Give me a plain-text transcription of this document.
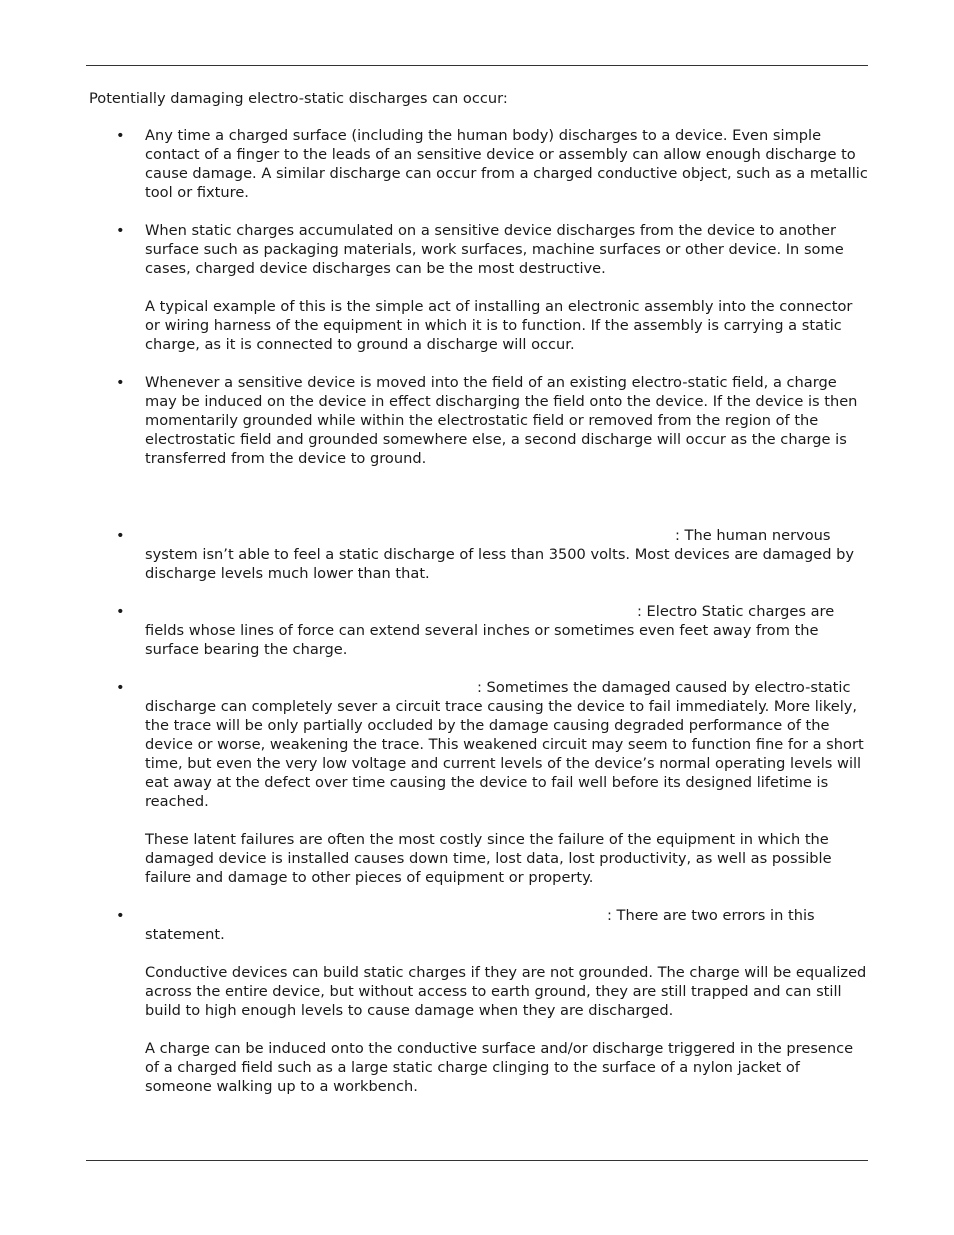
Potentially damaging electro-static discharges can occur:

• Any time a charged surface (including the human body) discharges to a device. Even simple contact of a finger to the leads of an sensitive device or assembly can allow enough discharge to cause damage. A similar discharge can occur from a charged conductive object, such as a metallic tool or fixture.

• When static charges accumulated on a sensitive device discharges from the device to another surface such as packaging materials, work surfaces, machine surfaces or other device. In some cases, charged device discharges can be the most destructive.

A typical example of this is the simple act of installing an electronic assembly into the connector or wiring harness of the equipment in which it is to function. If the assembly is carrying a static charge, as it is connected to ground a discharge will occur.

• Whenever a sensitive device is moved into the field of an existing electro-static field, a charge may be induced on the device in effect discharging the field onto the device. If the device is then momentarily grounded while within the electrostatic field or removed from the region of the electrostatic field and grounded somewhere else, a second discharge will occur as the charge is transferred from the device to ground.

•	: The human nervous system isn’t able to feel a static discharge of less than 3500 volts. Most devices are damaged by discharge levels much lower than that.

•	: Electro Static charges are fields whose lines of force can extend several inches or sometimes even feet away from the surface bearing the charge.

•	: Sometimes the damaged caused by electro-static discharge can completely sever a circuit trace causing the device to fail immediately. More likely, the trace will be only partially occluded by the damage causing degraded performance of the device or worse, weakening the trace. This weakened circuit may seem to function fine for a short time, but even the very low voltage and current levels of the device’s normal operating levels will eat away at the defect over time causing the device to fail well before its designed lifetime is reached.

These latent failures are often the most costly since the failure of the equipment in which the damaged device is installed causes down time, lost data, lost productivity, as well as possible failure and damage to other pieces of equipment or property.

•	: There are two errors in this statement.

Conductive devices can build static charges if they are not grounded. The charge will be equalized across the entire device, but without access to earth ground, they are still trapped and can still build to high enough levels to cause damage when they are discharged.

A charge can be induced onto the conductive surface and/or discharge triggered in the presence of a charged field such as a large static charge clinging to the surface of a nylon jacket of someone walking up to a workbench.
